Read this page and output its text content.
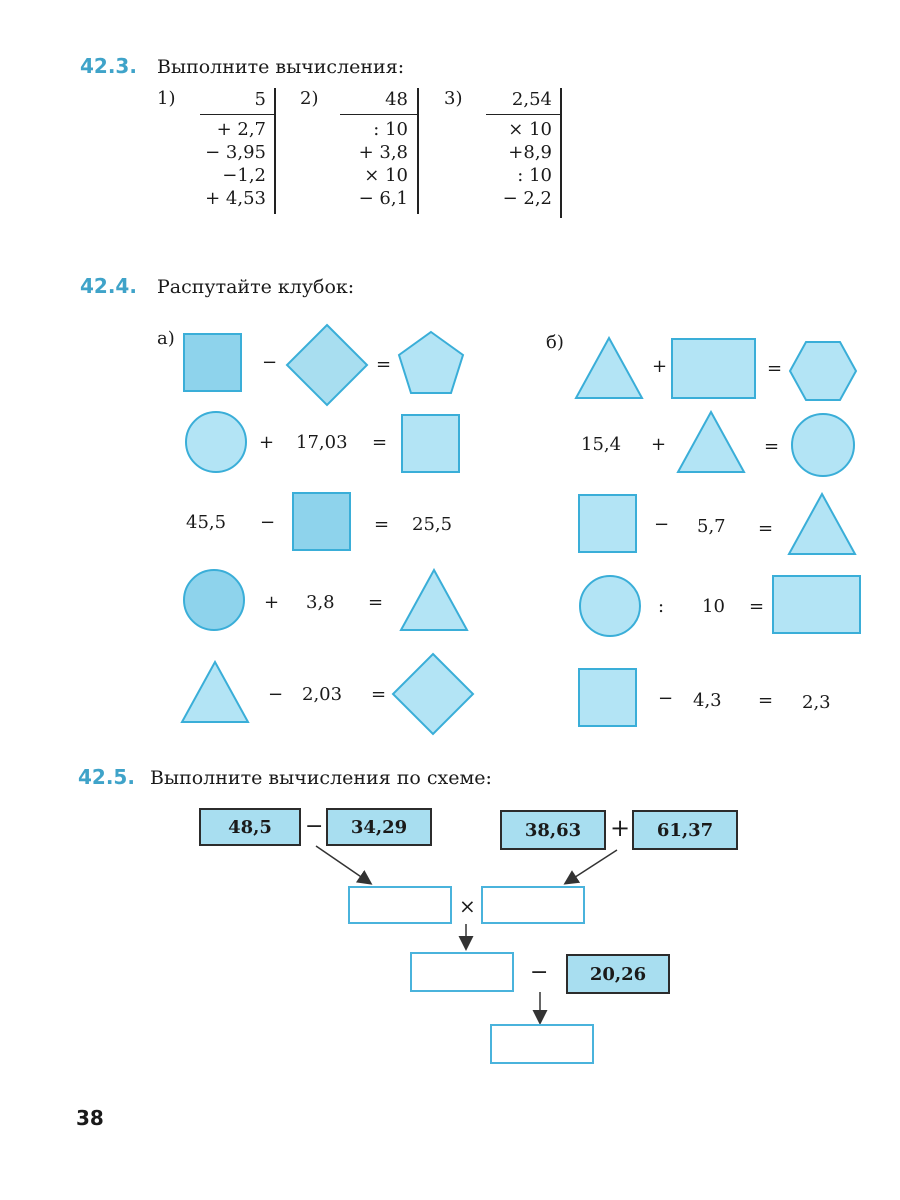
42.3. Выполните вычисления:
1)	5
+ 2,7
− 3,95
−1,2
+ 4,53
2)	48
: 10
+ 3,8
× 10
− 6,1
3)	2,54
× 10
+8,9
: 10
− 2,2
42.4. Распутайте клубок:
а)	б)
−	=
+ 17,03 =
45,5 −	= 25,5
+ 3,8 =
− 2,03 =
+	=
15,4 +	=
− 5,7 =
: 10 =
− 4,3 = 2,3
42.5. Выполните вычисления по схеме:
48,5	−	34,29	38,63	+	61,37
×
−	20,26
38
